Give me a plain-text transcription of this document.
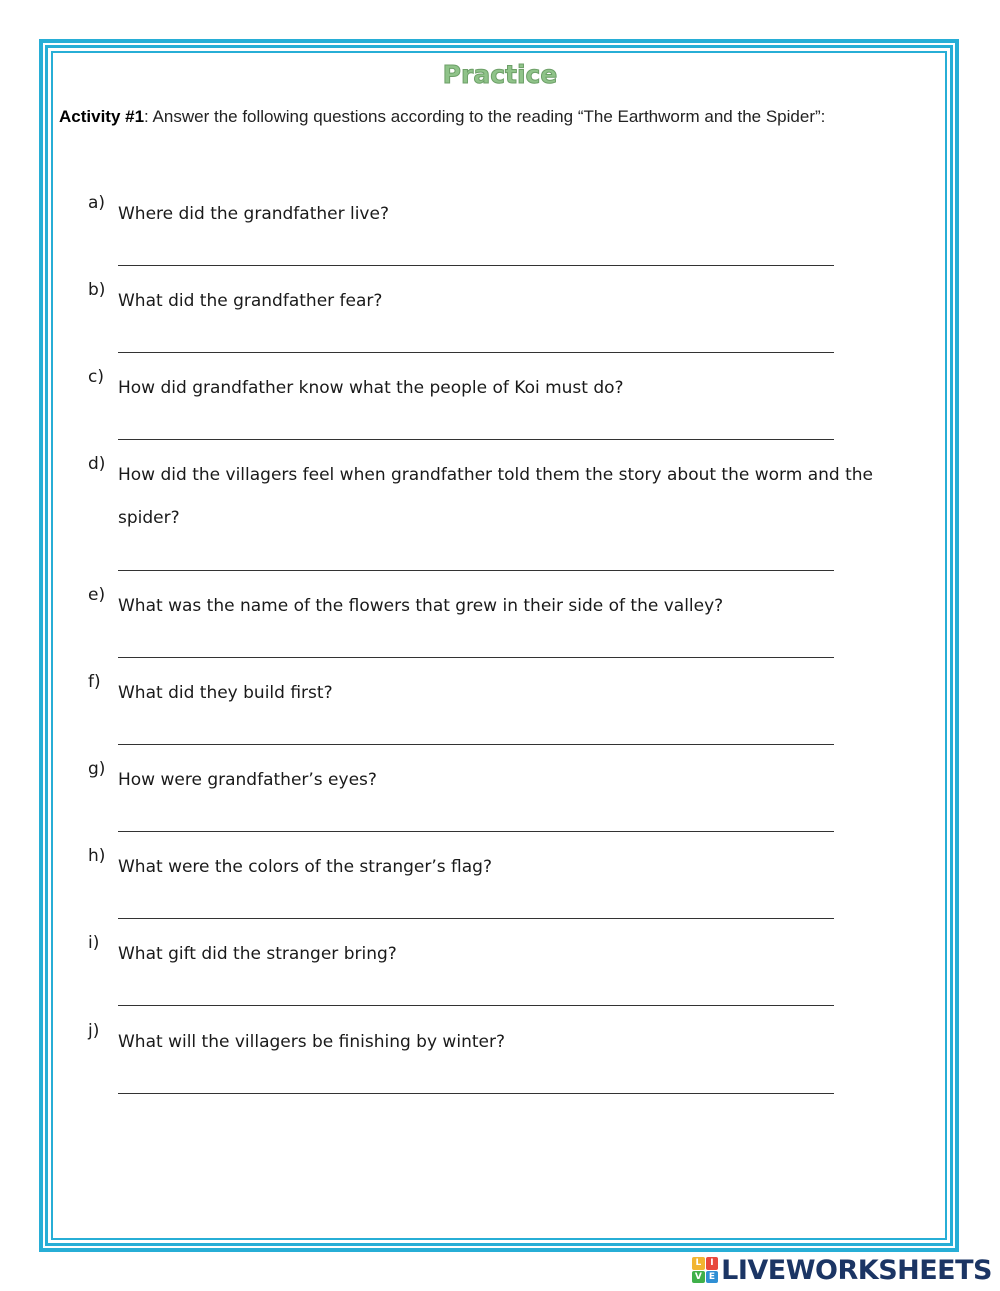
Practice
Activity #1: Answer the following questions according to the reading “The Earthworm and the Spider”:
a)
Where did the grandfather live?
b)
What did the grandfather fear?
c)
How did grandfather know what the people of Koi must do?
d)
How did the villagers feel when grandfather told them the story about the worm and the spider?
e)
What was the name of the flowers that grew in their side of the valley?
f)
What did they build first?
g)
How were grandfather’s eyes?
h)
What were the colors of the stranger’s flag?
i)
What gift did the stranger bring?
j)
What will the villagers be finishing by winter?
L I
V E LIVEWORKSHEETS
